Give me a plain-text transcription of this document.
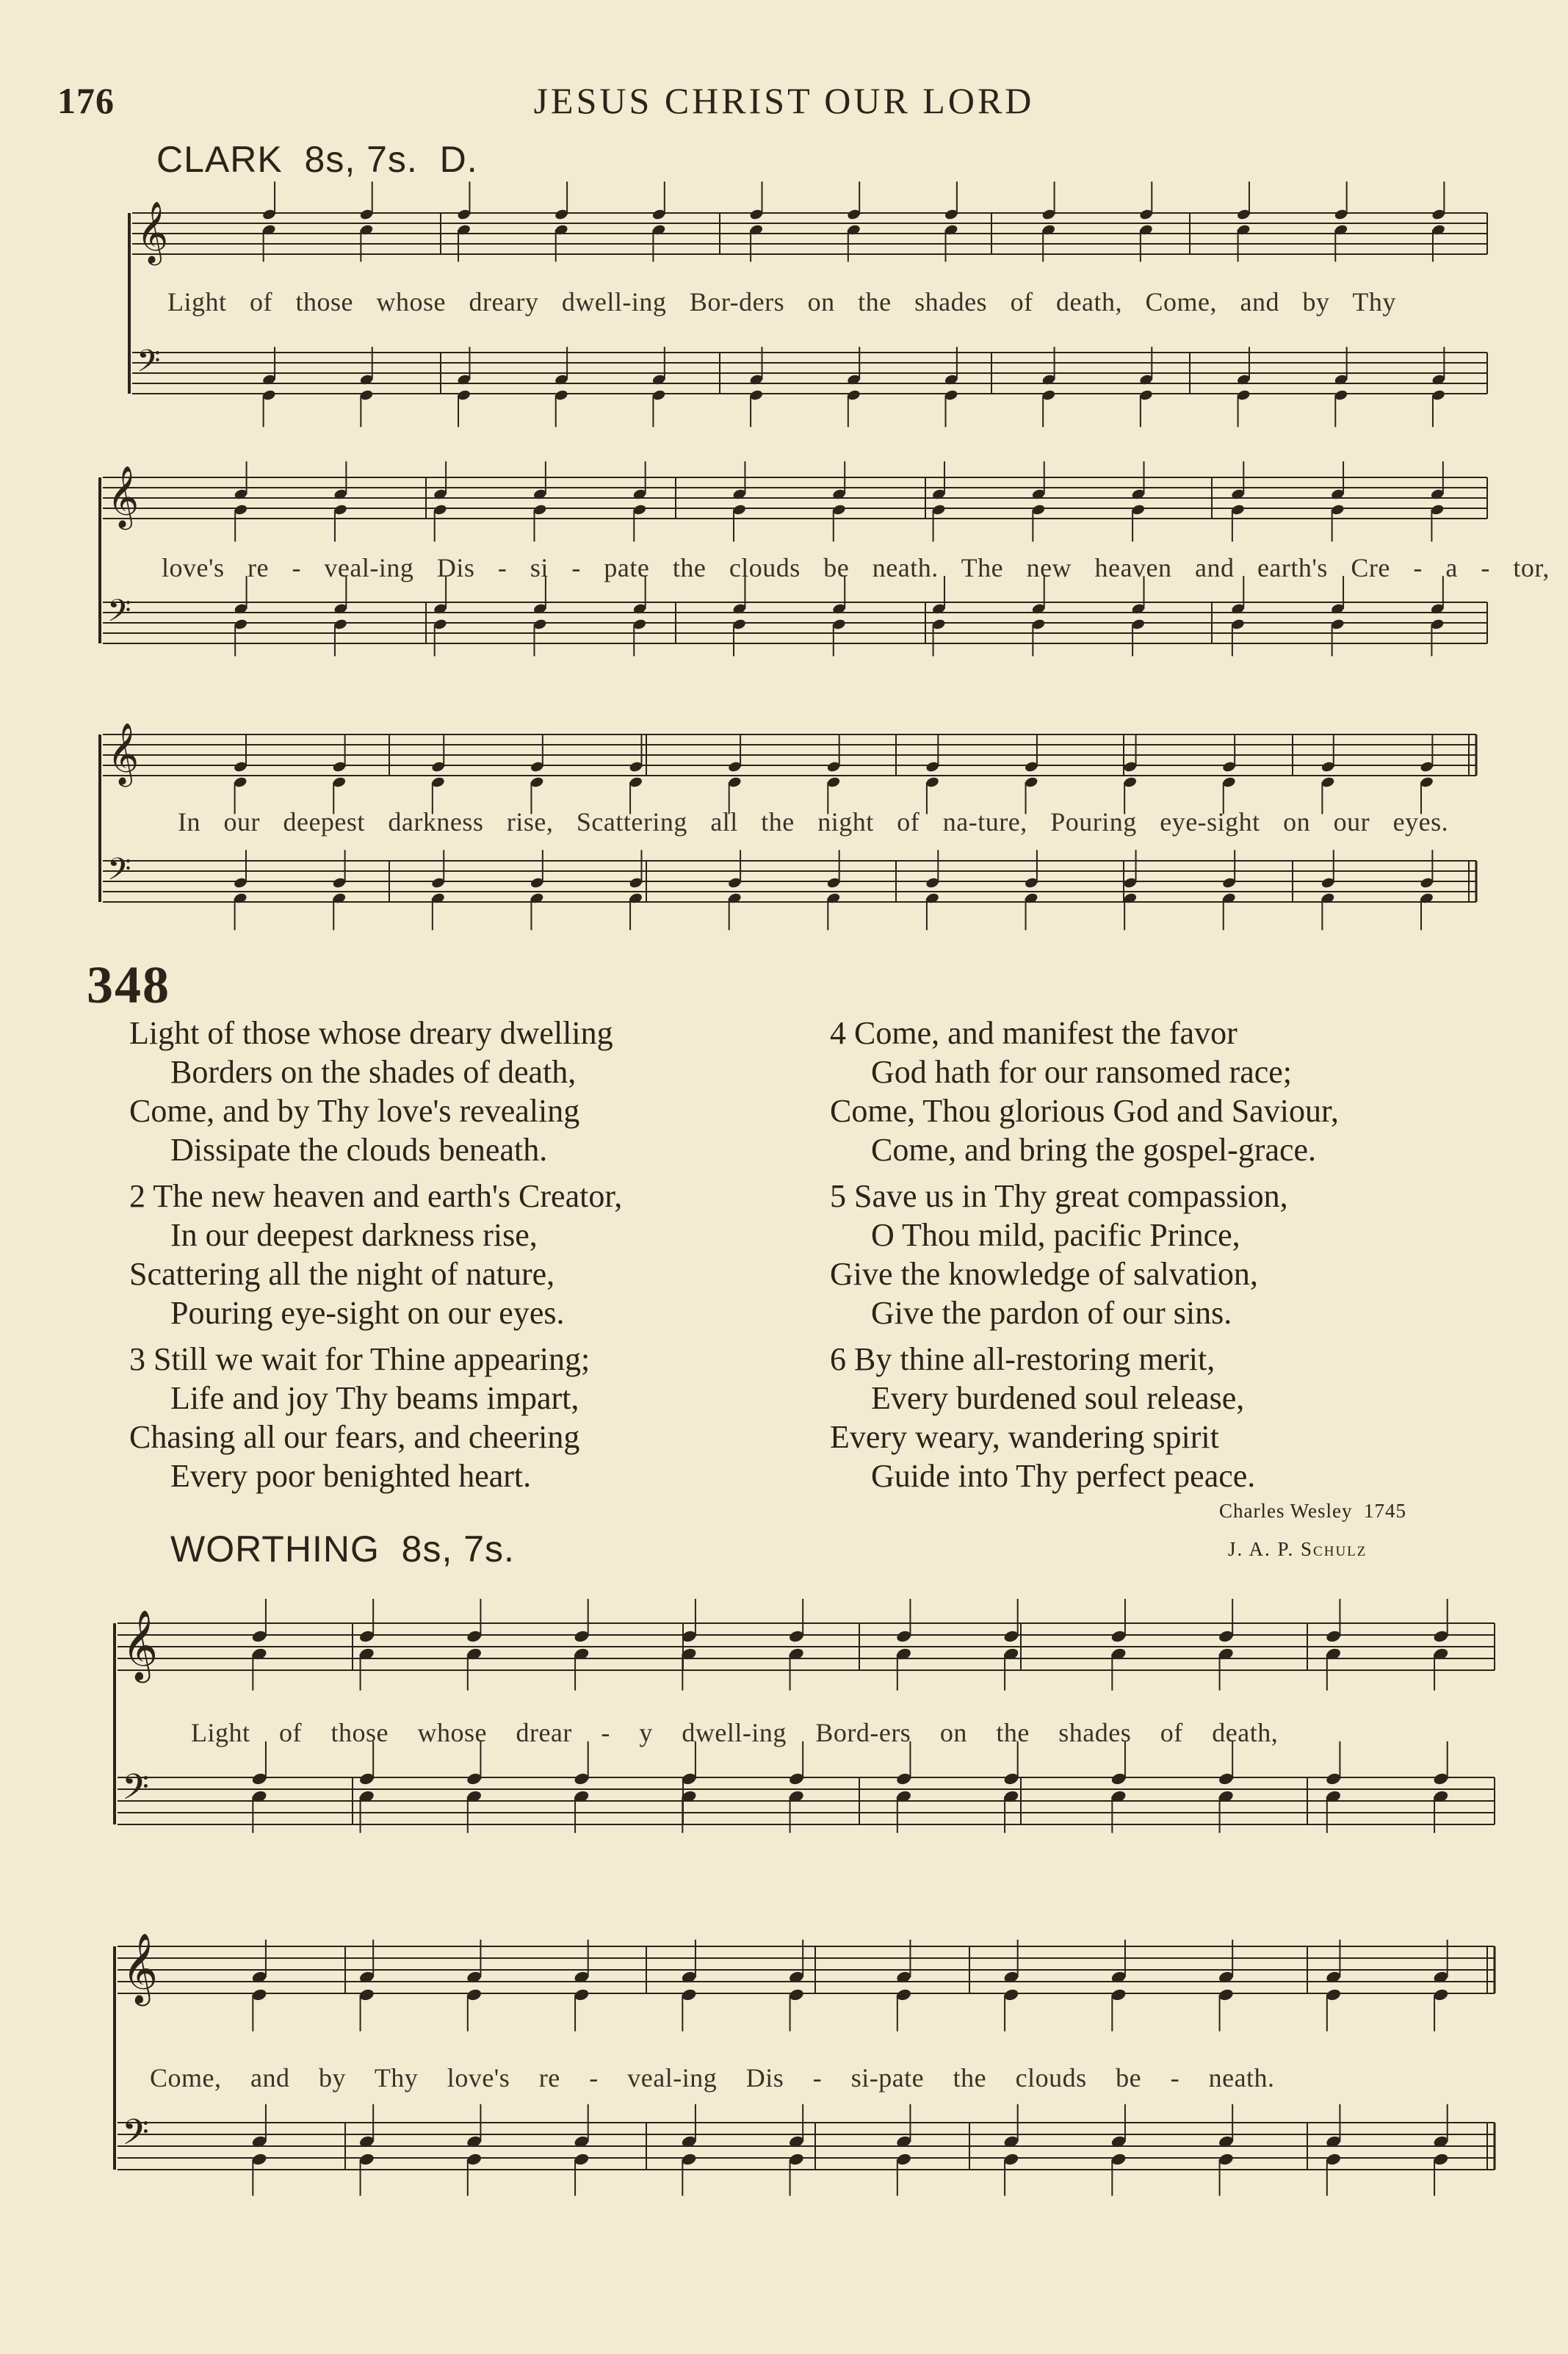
176	JESUS CHRIST OUR LORD
CLARK 8s, 7s. D.
𝄞
𝄢
Light of those whose dreary dwell-ing Bor-ders on the shades of death, Come, and by Thy
𝄞
𝄢
love's re - veal-ing Dis - si - pate the clouds be neath. The new heaven and earth's Cre - a - tor,
𝄞
𝄢
In our deepest darkness rise, Scattering all the night of na-ture, Pouring eye-sight on our eyes.
348
Light of those whose dreary dwelling
Borders on the shades of death,
Come, and by Thy love's revealing
Dissipate the clouds beneath.
2 The new heaven and earth's Creator,
In our deepest darkness rise,
Scattering all the night of nature,
Pouring eye-sight on our eyes.
3 Still we wait for Thine appearing;
Life and joy Thy beams impart,
Chasing all our fears, and cheering
Every poor benighted heart.
4 Come, and manifest the favor
God hath for our ransomed race;
Come, Thou glorious God and Saviour,
Come, and bring the gospel-grace.
5 Save us in Thy great compassion,
O Thou mild, pacific Prince,
Give the knowledge of salvation,
Give the pardon of our sins.
6 By thine all-restoring merit,
Every burdened soul release,
Every weary, wandering spirit
Guide into Thy perfect peace.
Charles Wesley 1745
WORTHING 8s, 7s.	J. A. P. Schulz
𝄞
𝄢
Light of those whose drear - y dwell-ing Bord-ers on the shades of death,
𝄞
𝄢
Come, and by Thy love's re - veal-ing Dis - si-pate the clouds be - neath.
